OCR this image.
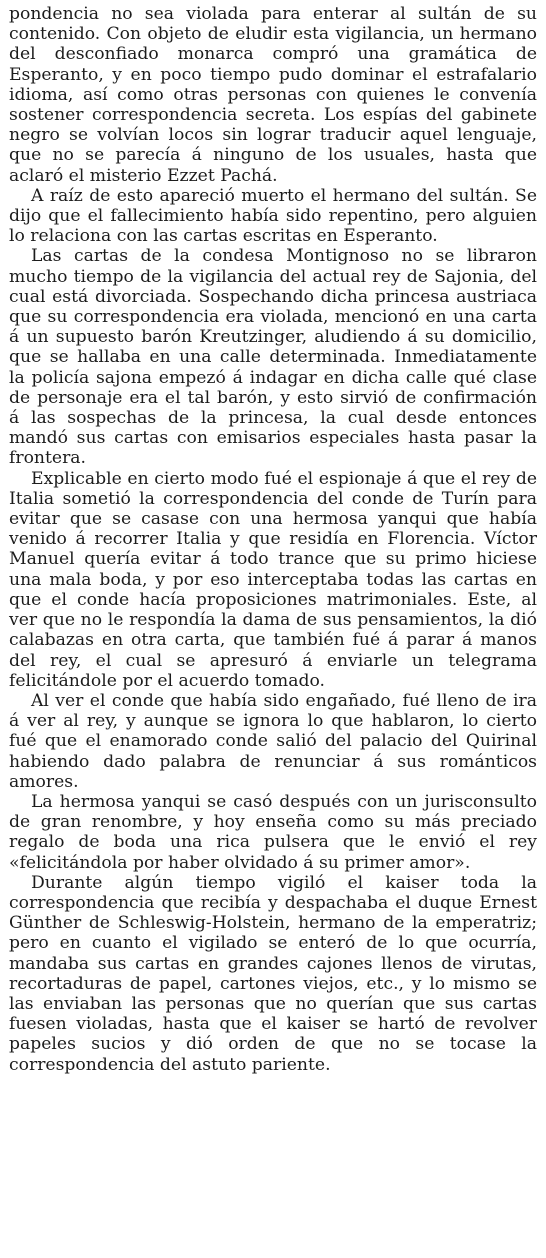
pondencia no sea violada para enterar al sultán de su contenido. Con objeto de eludir esta vigilancia, un hermano del desconfiado monarca compró una gramática de Esperanto, y en poco tiempo pudo dominar el estrafalario idioma, así como otras personas con quienes le convenía sostener correspondencia secreta. Los espías del gabinete negro se volvían locos sin lograr traducir aquel lenguaje, que no se parecía á ninguno de los usuales, hasta que aclaró el misterio Ezzet Pachá.

A raíz de esto apareció muerto el hermano del sultán. Se dijo que el fallecimiento había sido repentino, pero alguien lo relaciona con las cartas escritas en Esperanto.

Las cartas de la condesa Montignoso no se libraron mucho tiempo de la vigilancia del actual rey de Sajonia, del cual está divorciada. Sospechando dicha princesa austriaca que su correspondencia era violada, mencionó en una carta á un supuesto barón Kreutzinger, aludiendo á su domicilio, que se hallaba en una calle determinada. Inmediatamente la policía sajona empezó á indagar en dicha calle qué clase de personaje era el tal barón, y esto sirvió de confirmación á las sospechas de la princesa, la cual desde entonces mandó sus cartas con emisarios especiales hasta pasar la frontera.

Explicable en cierto modo fué el espionaje á que el rey de Italia sometió la correspondencia del conde de Turín para evitar que se casase con una hermosa yanqui que había venido á recorrer Italia y que residía en Florencia. Víctor Manuel quería evitar á todo trance que su primo hiciese una mala boda, y por eso interceptaba todas las cartas en que el conde hacía proposiciones matrimoniales. Este, al ver que no le respondía la dama de sus pensamientos, la dió calabazas en otra carta, que también fué á parar á manos del rey, el cual se apresuró á enviarle un telegrama felicitándole por el acuerdo tomado.

Al ver el conde que había sido engañado, fué lleno de ira á ver al rey, y aunque se ignora lo que hablaron, lo cierto fué que el enamorado conde salió del palacio del Quirinal habiendo dado palabra de renunciar á sus románticos amores.

La hermosa yanqui se casó después con un jurisconsulto de gran renombre, y hoy enseña como su más preciado regalo de boda una rica pulsera que le envió el rey «felicitándola por haber olvidado á su primer amor».

Durante algún tiempo vigiló el kaiser toda la correspondencia que recibía y despachaba el duque Ernest Günther de Schleswig-Holstein, hermano de la emperatriz; pero en cuanto el vigilado se enteró de lo que ocurría, mandaba sus cartas en grandes cajones llenos de virutas, recortaduras de papel, cartones viejos, etc., y lo mismo se las enviaban las personas que no querían que sus cartas fuesen violadas, hasta que el kaiser se hartó de revolver papeles sucios y dió orden de que no se tocase la correspondencia del astuto pariente.
